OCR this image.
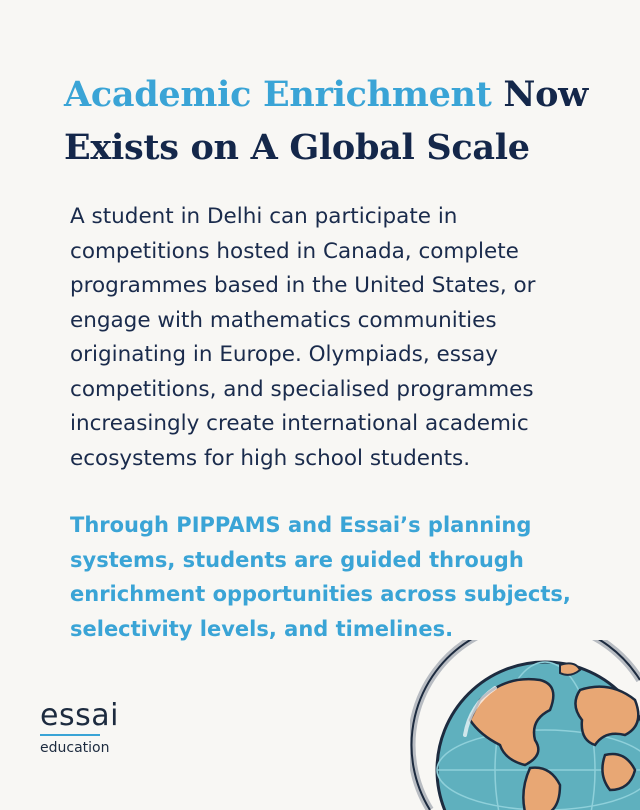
Academic Enrichment Now Exists on A Global Scale

A student in Delhi can participate in competitions hosted in Canada, complete programmes based in the United States, or engage with mathematics communities originating in Europe. Olympiads, essay competitions, and specialised programmes increasingly create international academic ecosystems for high school students.

Through PIPPAMS and Essai’s planning systems, students are guided through enrichment opportunities across subjects, selectivity levels, and timelines.

essai
education
